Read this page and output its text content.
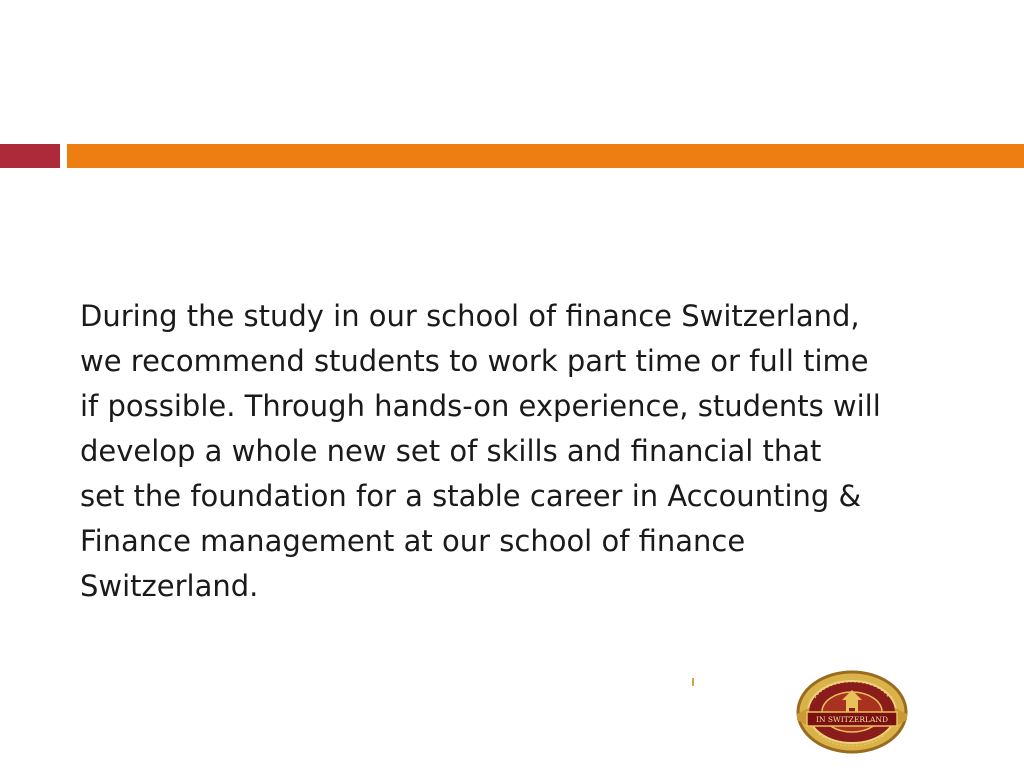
During the study in our school of finance Switzerland,
we recommend students to work part time or full time
if possible. Through hands-on experience, students will
develop a whole new set of skills and financial that
set the foundation for a stable career in Accounting &
Finance management at our school of finance
Switzerland.

IN SWITZERLAND
